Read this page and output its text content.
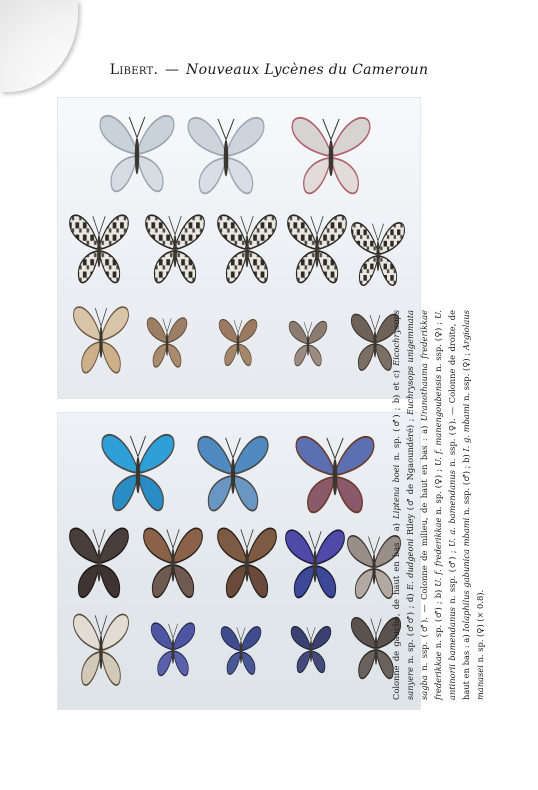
Libert. — Nouveaux Lycènes du Cameroun
Colonne de gauche, de haut en bas : a) Liptena boei n. sp. (♂) ; b) et c) Eicochrysops sanyere n. sp. (♂♂) ; d) E. dudgeoni Riley (♂ de Ngaoundéré) ; Euchrysops unigemmata sagba n. ssp. (♂). — Colonne de milieu, de haut en bas : a) Uranothauma frederikkae frederikkae n. sp. (♂) ; b) U. f. frederikkae n. sp. (♀) ; U. f. manengoubensis n. ssp. (♀) ; U. antinorii bamendanus n. ssp. (♂) ; U. a. bamendanus n. ssp. (♀). — Colonne de droite, de haut en bas : a) Iolaphilus gabunica mbami n. ssp. (♂) ; b) I. g. mbami n. ssp. (♀) ; Argiolaus manasei n. sp. (♀) (× 0.8).
